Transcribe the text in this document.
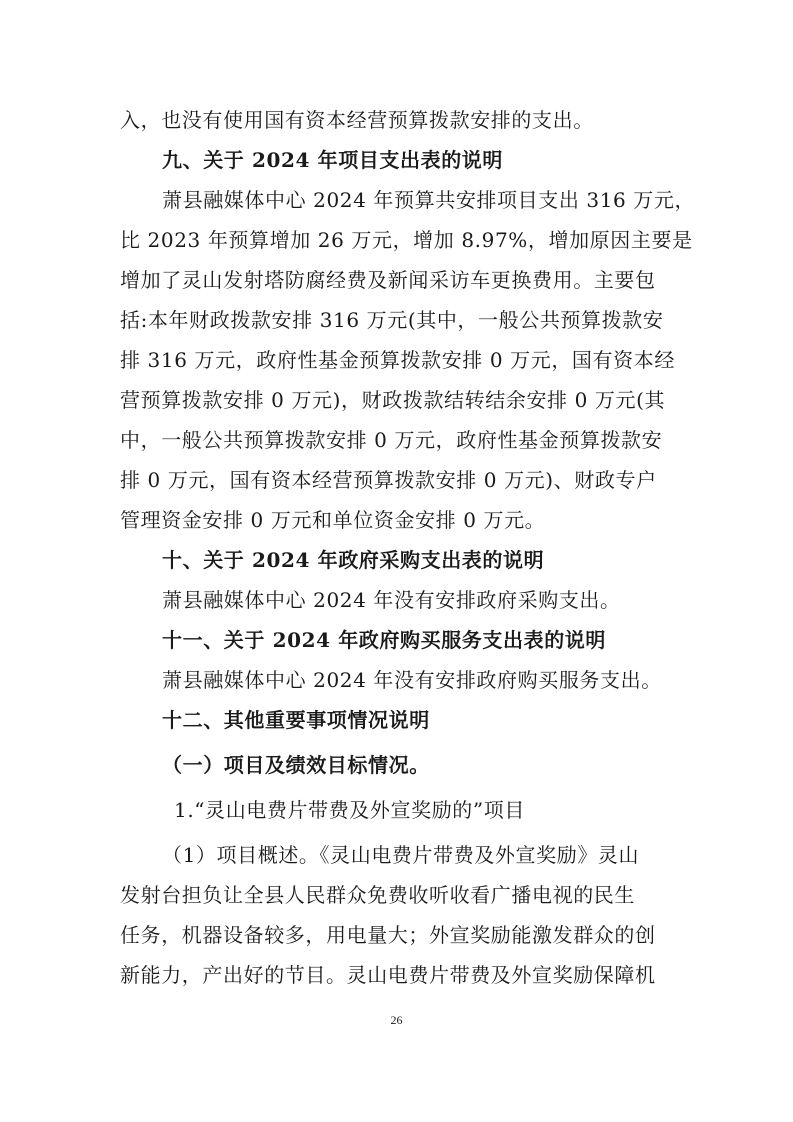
入，也没有使用国有资本经营预算拨款安排的支出。
九、关于 2024 年项目支出表的说明
萧县融媒体中心 2024 年预算共安排项目支出 316 万元，
比 2023 年预算增加 26 万元，增加 8.97%，增加原因主要是
增加了灵山发射塔防腐经费及新闻采访车更换费用。主要包
括:本年财政拨款安排 316 万元(其中，一般公共预算拨款安
排 316 万元，政府性基金预算拨款安排 0 万元，国有资本经
营预算拨款安排 0 万元)，财政拨款结转结余安排 0 万元(其
中，一般公共预算拨款安排 0 万元，政府性基金预算拨款安
排 0 万元，国有资本经营预算拨款安排 0 万元)、财政专户
管理资金安排 0 万元和单位资金安排 0 万元。
十、关于 2024 年政府采购支出表的说明
萧县融媒体中心 2024 年没有安排政府采购支出。
十一、关于 2024 年政府购买服务支出表的说明
萧县融媒体中心 2024 年没有安排政府购买服务支出。
十二、其他重要事项情况说明
（一）项目及绩效目标情况。
1.“灵山电费片带费及外宣奖励的”项目
（1）项目概述。《灵山电费片带费及外宣奖励》灵山
发射台担负让全县人民群众免费收听收看广播电视的民生
任务，机器设备较多，用电量大；外宣奖励能激发群众的创
新能力，产出好的节目。灵山电费片带费及外宣奖励保障机
26
